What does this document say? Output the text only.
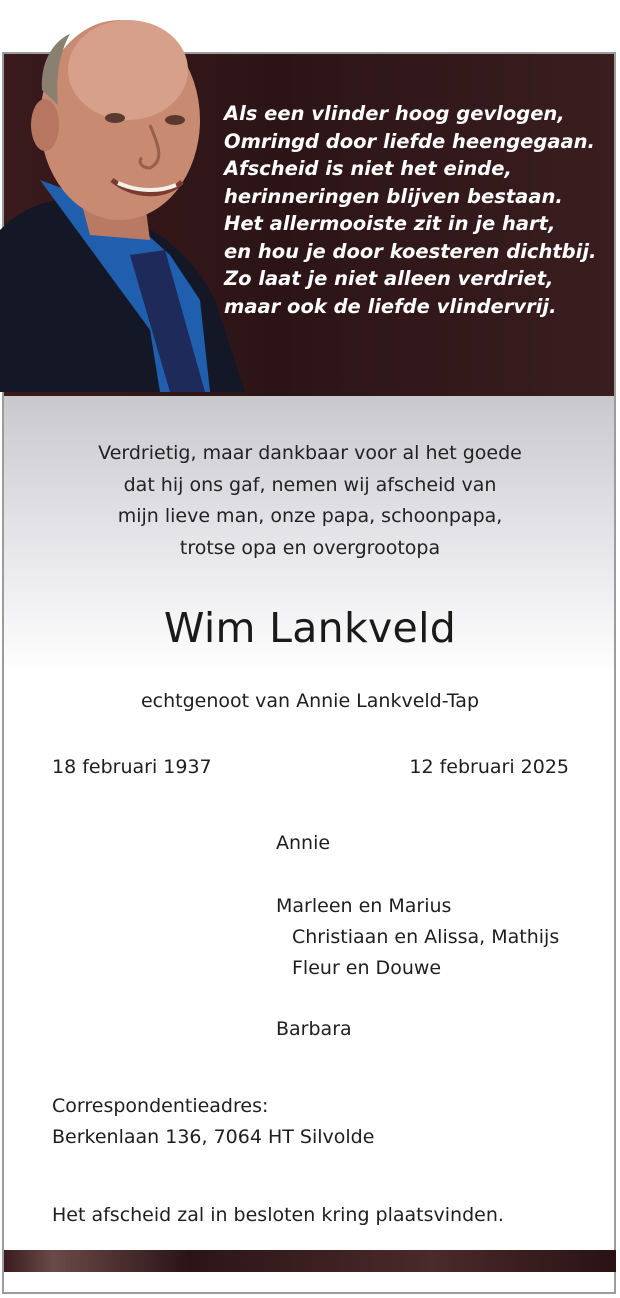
Als een vlinder hoog gevlogen,
Omringd door liefde heengegaan.
Afscheid is niet het einde,
herinneringen blijven bestaan.
Het allermooiste zit in je hart,
en hou je door koesteren dichtbij.
Zo laat je niet alleen verdriet,
maar ook de liefde vlindervrij.
Verdrietig, maar dankbaar voor al het goede
dat hij ons gaf, nemen wij afscheid van
mijn lieve man, onze papa, schoonpapa,
trotse opa en overgrootopa
Wim Lankveld
echtgenoot van Annie Lankveld-Tap
18 februari 1937	12 februari 2025
Annie
Marleen en Marius
Christiaan en Alissa, Mathijs
Fleur en Douwe
Barbara
Correspondentieadres:
Berkenlaan 136, 7064 HT Silvolde
Het afscheid zal in besloten kring plaatsvinden.
